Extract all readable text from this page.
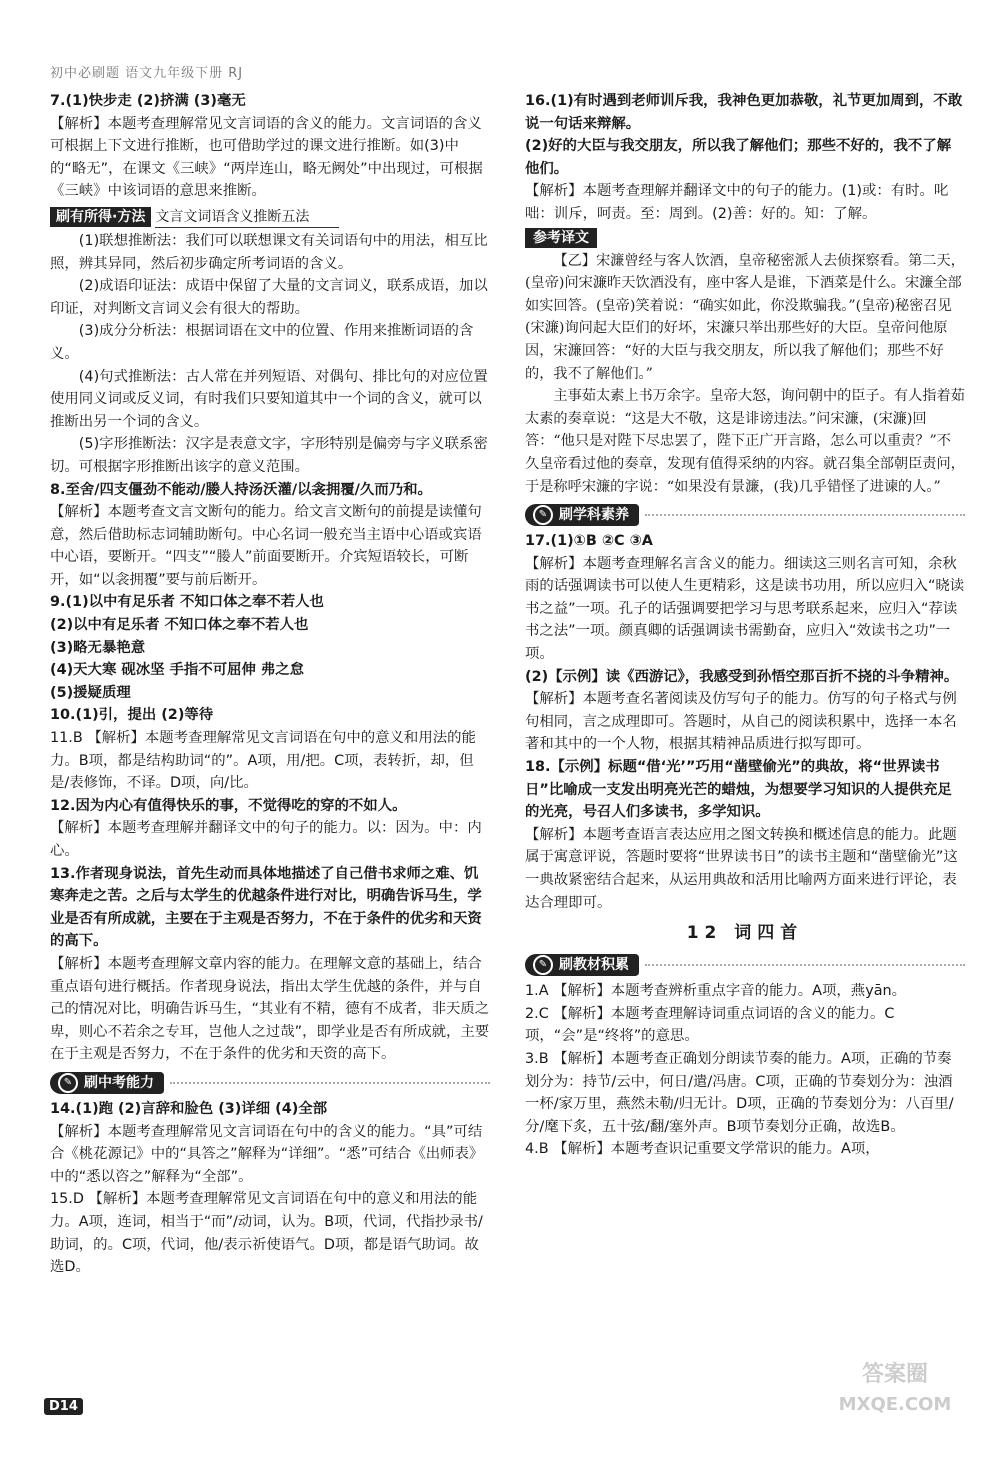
初中必刷题 语文九年级下册 RJ

7.(1)快步走 (2)挤满 (3)毫无

【解析】本题考查理解常见文言词语的含义的能力。文言词语的含义可根据上下文进行推断，也可借助学过的课文进行推断。如(3)中的“略无”，在课文《三峡》“两岸连山，略无阙处”中出现过，可根据《三峡》中该词语的意思来推断。

刷有所得·方法 文言文词语含义推断五法

(1)联想推断法：我们可以联想课文有关词语句中的用法，相互比照，辨其异同，然后初步确定所考词语的含义。

(2)成语印证法：成语中保留了大量的文言词义，联系成语，加以印证，对判断文言词义会有很大的帮助。

(3)成分分析法：根据词语在文中的位置、作用来推断词语的含义。

(4)句式推断法：古人常在并列短语、对偶句、排比句的对应位置使用同义词或反义词，有时我们只要知道其中一个词的含义，就可以推断出另一个词的含义。

(5)字形推断法：汉字是表意文字，字形特别是偏旁与字义联系密切。可根据字形推断出该字的意义范围。

8.至舍/四支僵劲不能动/媵人持汤沃灌/以衾拥覆/久而乃和。

【解析】本题考查文言文断句的能力。给文言文断句的前提是读懂句意，然后借助标志词辅助断句。中心名词一般充当主语中心语或宾语中心语，要断开。“四支”“媵人”前面要断开。介宾短语较长，可断开，如“以衾拥覆”要与前后断开。

9.(1)以中有足乐者 不知口体之奉不若人也

(2)以中有足乐者 不知口体之奉不若人也

(3)略无暴艳意

(4)天大寒 砚冰坚 手指不可屈伸 弗之怠

(5)援疑质理

10.(1)引，提出 (2)等待

11.B 【解析】本题考查理解常见文言词语在句中的意义和用法的能力。B项，都是结构助词“的”。A项，用/把。C项，表转折，却，但是/表修饰，不译。D项，向/比。

12.因为内心有值得快乐的事，不觉得吃的穿的不如人。

【解析】本题考查理解并翻译文中的句子的能力。以：因为。中：内心。

13.作者现身说法，首先生动而具体地描述了自己借书求师之难、饥寒奔走之苦。之后与太学生的优越条件进行对比，明确告诉马生，学业是否有所成就，主要在于主观是否努力，不在于条件的优劣和天资的高下。

【解析】本题考查理解文章内容的能力。在理解文意的基础上，结合重点语句进行概括。作者现身说法，指出太学生优越的条件，并与自己的情况对比，明确告诉马生，“其业有不精，德有不成者，非天质之卑，则心不若余之专耳，岂他人之过哉”，即学业是否有所成就，主要在于主观是否努力，不在于条件的优劣和天资的高下。

✎ 刷中考能力

14.(1)跑 (2)言辞和脸色 (3)详细 (4)全部

【解析】本题考查理解常见文言词语在句中的含义的能力。“具”可结合《桃花源记》中的“具答之”解释为“详细”。“悉”可结合《出师表》中的“悉以咨之”解释为“全部”。

15.D 【解析】本题考查理解常见文言词语在句中的意义和用法的能力。A项，连词，相当于“而”/动词，认为。B项，代词，代指抄录书/助词，的。C项，代词，他/表示祈使语气。D项，都是语气助词。故选D。

16.(1)有时遇到老师训斥我，我神色更加恭敬，礼节更加周到，不敢说一句话来辩解。

(2)好的大臣与我交朋友，所以我了解他们；那些不好的，我不了解他们。

【解析】本题考查理解并翻译文中的句子的能力。(1)或：有时。叱咄：训斥，呵责。至：周到。(2)善：好的。知：了解。

参考译文

【乙】宋濂曾经与客人饮酒，皇帝秘密派人去侦探察看。第二天，(皇帝)问宋濂昨天饮酒没有，座中客人是谁，下酒菜是什么。宋濂全部如实回答。(皇帝)笑着说：“确实如此，你没欺骗我。”(皇帝)秘密召见(宋濂)询问起大臣们的好坏，宋濂只举出那些好的大臣。皇帝问他原因，宋濂回答：“好的大臣与我交朋友，所以我了解他们；那些不好的，我不了解他们。”

主事茹太素上书万余字。皇帝大怒，询问朝中的臣子。有人指着茹太素的奏章说：“这是大不敬，这是诽谤违法。”问宋濂，(宋濂)回答：“他只是对陛下尽忠罢了，陛下正广开言路，怎么可以重责？”不久皇帝看过他的奏章，发现有值得采纳的内容。就召集全部朝臣责问，于是称呼宋濂的字说：“如果没有景濂，(我)几乎错怪了进谏的人。”

✎ 刷学科素养

17.(1)①B ②C ③A

【解析】本题考查理解名言含义的能力。细读这三则名言可知，余秋雨的话强调读书可以使人生更精彩，这是读书功用，所以应归入“晓读书之益”一项。孔子的话强调要把学习与思考联系起来，应归入“荐读书之法”一项。颜真卿的话强调读书需勤奋，应归入“效读书之功”一项。

(2)【示例】读《西游记》，我感受到孙悟空那百折不挠的斗争精神。

【解析】本题考查名著阅读及仿写句子的能力。仿写的句子格式与例句相同，言之成理即可。答题时，从自己的阅读积累中，选择一本名著和其中的一个人物，根据其精神品质进行拟写即可。

18.【示例】标题“借‘光’”巧用“凿壁偷光”的典故，将“世界读书日”比喻成一支发出明亮光芒的蜡烛，为想要学习知识的人提供充足的光亮，号召人们多读书，多学知识。

【解析】本题考查语言表达应用之图文转换和概述信息的能力。此题属于寓意评说，答题时要将“世界读书日”的读书主题和“凿壁偷光”这一典故紧密结合起来，从运用典故和活用比喻两方面来进行评论，表达合理即可。

12 词四首
✎ 刷教材积累

1.A 【解析】本题考查辨析重点字音的能力。A项，燕yān。

2.C 【解析】本题考查理解诗词重点词语的含义的能力。C项，“会”是“终将”的意思。

3.B 【解析】本题考查正确划分朗读节奏的能力。A项，正确的节奏划分为：持节/云中，何日/遣/冯唐。C项，正确的节奏划分为：浊酒一杯/家万里，燕然未勒/归无计。D项，正确的节奏划分为：八百里/分/麾下炙，五十弦/翻/塞外声。B项节奏划分正确，故选B。

4.B 【解析】本题考查识记重要文学常识的能力。A项，

D14
答案圈
MXQE.COM
